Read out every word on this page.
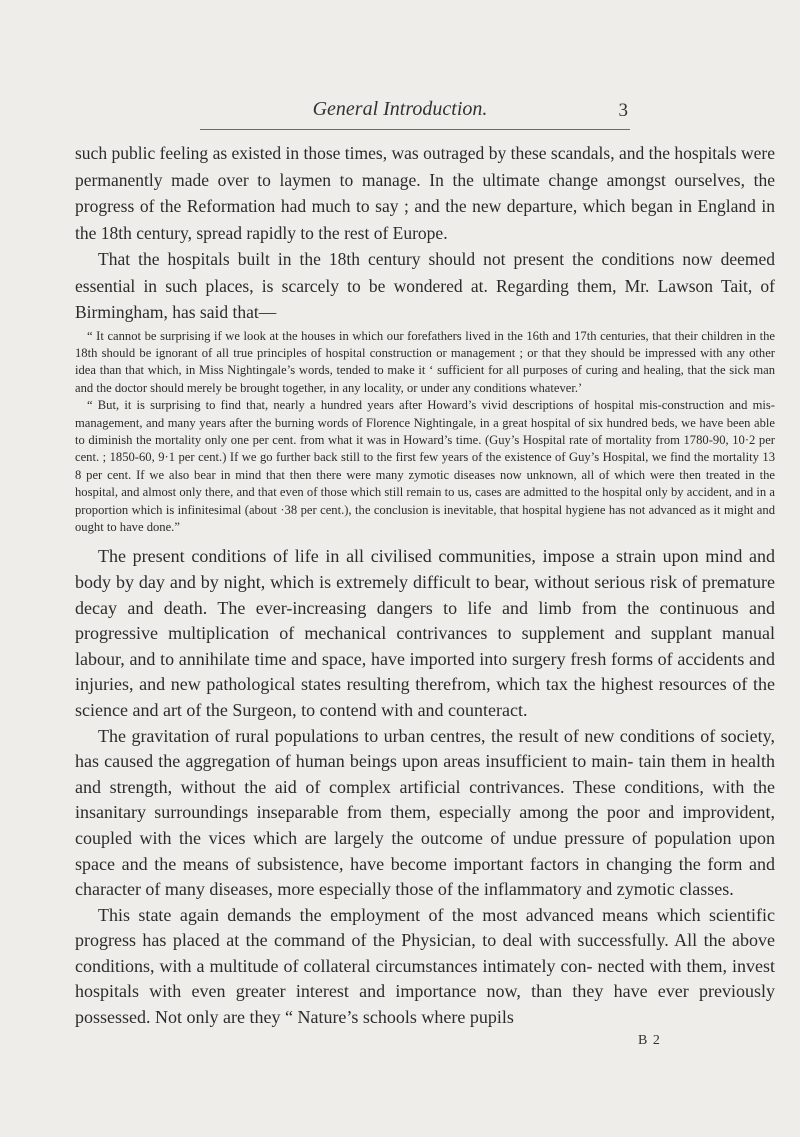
General Introduction.	3

such public feeling as existed in those times, was outraged by these scandals, and the hospitals were permanently made over to laymen to manage. In the ultimate change amongst ourselves, the progress of the Reformation had much to say ; and the new departure, which began in England in the 18th century, spread rapidly to the rest of Europe.

That the hospitals built in the 18th century should not present the conditions now deemed essential in such places, is scarcely to be wondered at. Regarding them, Mr. Lawson Tait, of Birmingham, has said that—

“ It cannot be surprising if we look at the houses in which our forefathers lived in the 16th and 17th centuries, that their children in the 18th should be ignorant of all true principles of hospital construction or management ; or that they should be impressed with any other idea than that which, in Miss Nightingale’s words, tended to make it ‘ sufficient for all purposes of curing and healing, that the sick man and the doctor should merely be brought together, in any locality, or under any conditions whatever.’

“ But, it is surprising to find that, nearly a hundred years after Howard’s vivid descriptions of hospital mis-construction and mis-management, and many years after the burning words of Florence Nightingale, in a great hospital of six hundred beds, we have been able to diminish the mortality only one per cent. from what it was in Howard’s time. (Guy’s Hospital rate of mortality from 1780-90, 10·2 per cent. ; 1850-60, 9·1 per cent.) If we go further back still to the first few years of the existence of Guy’s Hospital, we find the mortality 13 8 per cent. If we also bear in mind that then there were many zymotic diseases now unknown, all of which were then treated in the hospital, and almost only there, and that even of those which still remain to us, cases are admitted to the hospital only by accident, and in a proportion which is infinitesimal (about ·38 per cent.), the conclusion is inevitable, that hospital hygiene has not advanced as it might and ought to have done.”

The present conditions of life in all civilised communities, impose a strain upon mind and body by day and by night, which is extremely difficult to bear, without serious risk of premature decay and death. The ever-increasing dangers to life and limb from the continuous and progressive multiplication of mechanical contrivances to supplement and supplant manual labour, and to annihilate time and space, have imported into surgery fresh forms of accidents and injuries, and new pathological states resulting therefrom, which tax the highest resources of the science and art of the Surgeon, to contend with and counteract.

The gravitation of rural populations to urban centres, the result of new conditions of society, has caused the aggregation of human beings upon areas insufficient to main- tain them in health and strength, without the aid of complex artificial contrivances. These conditions, with the insanitary surroundings inseparable from them, especially among the poor and improvident, coupled with the vices which are largely the outcome of undue pressure of population upon space and the means of subsistence, have become important factors in changing the form and character of many diseases, more especially those of the inflammatory and zymotic classes.

This state again demands the employment of the most advanced means which scientific progress has placed at the command of the Physician, to deal with successfully. All the above conditions, with a multitude of collateral circumstances intimately con- nected with them, invest hospitals with even greater interest and importance now, than they have ever previously possessed. Not only are they “ Nature’s schools where pupils

B 2
